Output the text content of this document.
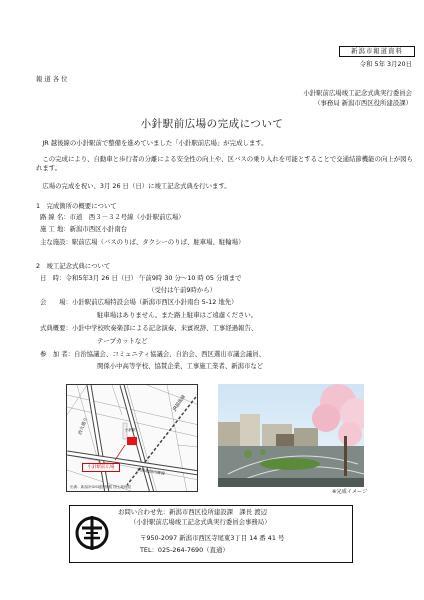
新潟市報道資料
令和 5年 3月20日
報道各位
小針駅前広場竣工記念式典実行委員会
（事務局 新潟市西区役所建設課）
小針駅前広場の完成について
JR 越後線の小針駅前で整備を進めていました「小針駅前広場」が完成します。
この完成により、自動車と歩行者の分離による安全性の向上や、区バスの乗り入れを可能とすることで交通結節機能の向上が図られます。
広場の完成を祝い、3月 26 日（日）に竣工記念式典を行います。
1　完成箇所の概要について
路 線 名：市道　西３－３２号線（小針駅前広場）
施 工 地：新潟市西区小針南台
主な施設：駅前広場（バスのりば、タクシーのりば、駐車場、駐輪場）
2　竣工記念式典について
日　時：令和5年3月 26 日（日） 午前9時 30 分～10 時 05 分頃まで
（受付は午前9時から）
会　　場：小針駅前広場特設会場（新潟市西区小針南台 5-12 地先）
駐車場はありません。また路上駐車はご遠慮ください。
式典概要：小針中学校吹奏楽部による記念演奏、来賓祝辞、工事経過報告、
テープカットなど
参　加 者：自治協議会、コミュニティ協議会、自治会、西区選出市議会議員、
関係小中高等学校、協賛企業、工事施工業者、新潟市など
西大通り
JR越後線
新潟亀田内郷線
小針駅
小針駅前広場
出典：新潟市GIS地図情報 国土地理院
※完成イメージ
お問い合わせ先：新潟市西区役所建設課　課長 渡辺
（小針駅前広場竣工記念式典実行委員会事務局）
〒950-2097 新潟市西区寺尾東3丁目 14 番 41 号
TEL：025-264-7690（直通）
